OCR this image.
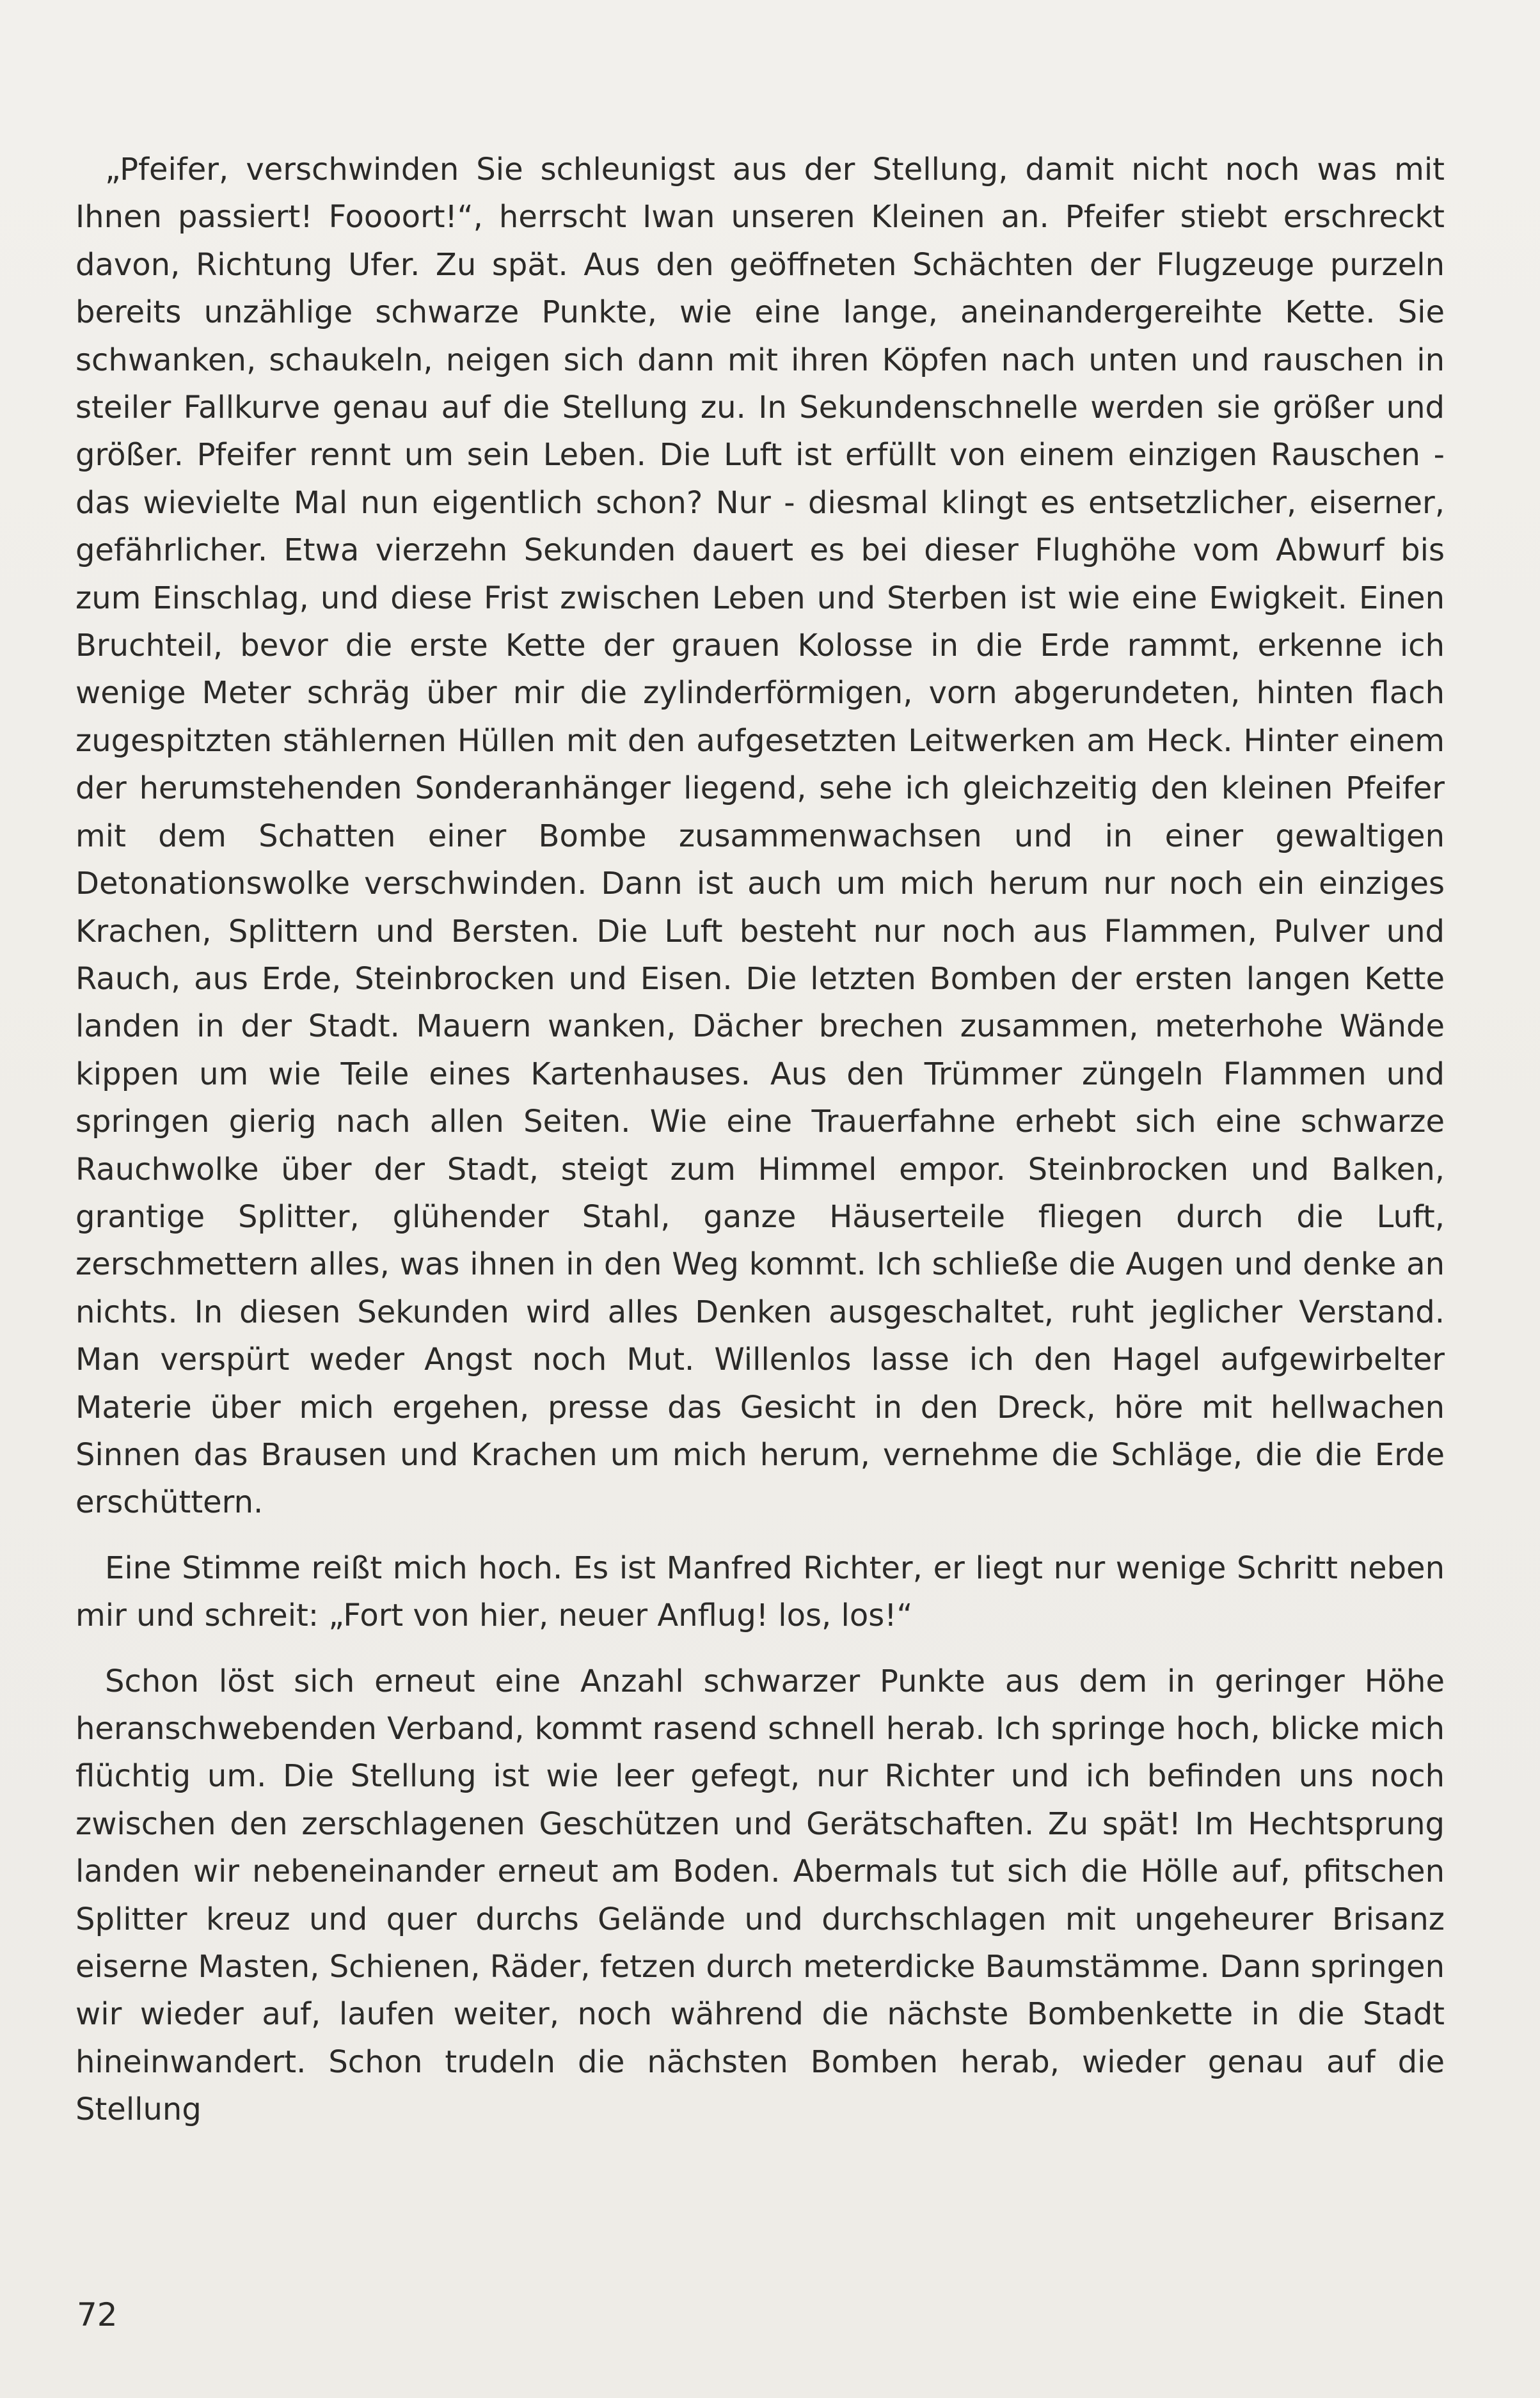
„Pfeifer, verschwinden Sie schleunigst aus der Stellung, damit nicht noch was mit Ihnen passiert! Foooort!“, herrscht Iwan unseren Kleinen an. Pfeifer stiebt erschreckt davon, Richtung Ufer. Zu spät. Aus den geöffneten Schächten der Flugzeuge purzeln bereits unzählige schwarze Punkte, wie eine lange, aneinandergereihte Kette. Sie schwanken, schaukeln, neigen sich dann mit ihren Köpfen nach unten und rauschen in steiler Fallkurve genau auf die Stellung zu. In Sekundenschnelle werden sie größer und größer. Pfeifer rennt um sein Leben. Die Luft ist erfüllt von einem einzigen Rauschen - das wievielte Mal nun eigentlich schon? Nur - diesmal klingt es entsetzlicher, eiserner, gefährlicher. Etwa vierzehn Sekunden dauert es bei dieser Flughöhe vom Abwurf bis zum Einschlag, und diese Frist zwischen Leben und Sterben ist wie eine Ewigkeit. Einen Bruchteil, bevor die erste Kette der grauen Kolosse in die Erde rammt, erkenne ich wenige Meter schräg über mir die zylinderförmigen, vorn abgerundeten, hinten flach zugespitzten stählernen Hüllen mit den aufgesetzten Leitwerken am Heck. Hinter einem der herumstehenden Sonderanhänger liegend, sehe ich gleichzeitig den kleinen Pfeifer mit dem Schatten einer Bombe zusammenwachsen und in einer gewaltigen Detonationswolke verschwinden. Dann ist auch um mich herum nur noch ein einziges Krachen, Splittern und Bersten. Die Luft besteht nur noch aus Flammen, Pulver und Rauch, aus Erde, Steinbrocken und Eisen. Die letzten Bomben der ersten langen Kette landen in der Stadt. Mauern wanken, Dächer brechen zusammen, meterhohe Wände kippen um wie Teile eines Kartenhauses. Aus den Trümmer züngeln Flammen und springen gierig nach allen Seiten. Wie eine Trauerfahne erhebt sich eine schwarze Rauchwolke über der Stadt, steigt zum Himmel empor. Steinbrocken und Balken, grantige Splitter, glühender Stahl, ganze Häuserteile fliegen durch die Luft, zerschmettern alles, was ihnen in den Weg kommt. Ich schließe die Augen und denke an nichts. In diesen Sekunden wird alles Denken ausgeschaltet, ruht jeglicher Verstand. Man verspürt weder Angst noch Mut. Willenlos lasse ich den Hagel aufgewirbelter Materie über mich ergehen, presse das Gesicht in den Dreck, höre mit hellwachen Sinnen das Brausen und Krachen um mich herum, vernehme die Schläge, die die Erde erschüttern.

Eine Stimme reißt mich hoch. Es ist Manfred Richter, er liegt nur wenige Schritt neben mir und schreit: „Fort von hier, neuer Anflug! los, los!“

Schon löst sich erneut eine Anzahl schwarzer Punkte aus dem in geringer Höhe heranschwebenden Verband, kommt rasend schnell herab. Ich springe hoch, blicke mich flüchtig um. Die Stellung ist wie leer gefegt, nur Richter und ich befinden uns noch zwischen den zerschlagenen Geschützen und Gerätschaften. Zu spät! Im Hechtsprung landen wir nebeneinander erneut am Boden. Abermals tut sich die Hölle auf, pfitschen Splitter kreuz und quer durchs Gelände und durchschlagen mit ungeheurer Brisanz eiserne Masten, Schienen, Räder, fetzen durch meterdicke Baumstämme. Dann springen wir wieder auf, laufen weiter, noch während die nächste Bombenkette in die Stadt hineinwandert. Schon trudeln die nächsten Bomben herab, wieder genau auf die Stellung

72
